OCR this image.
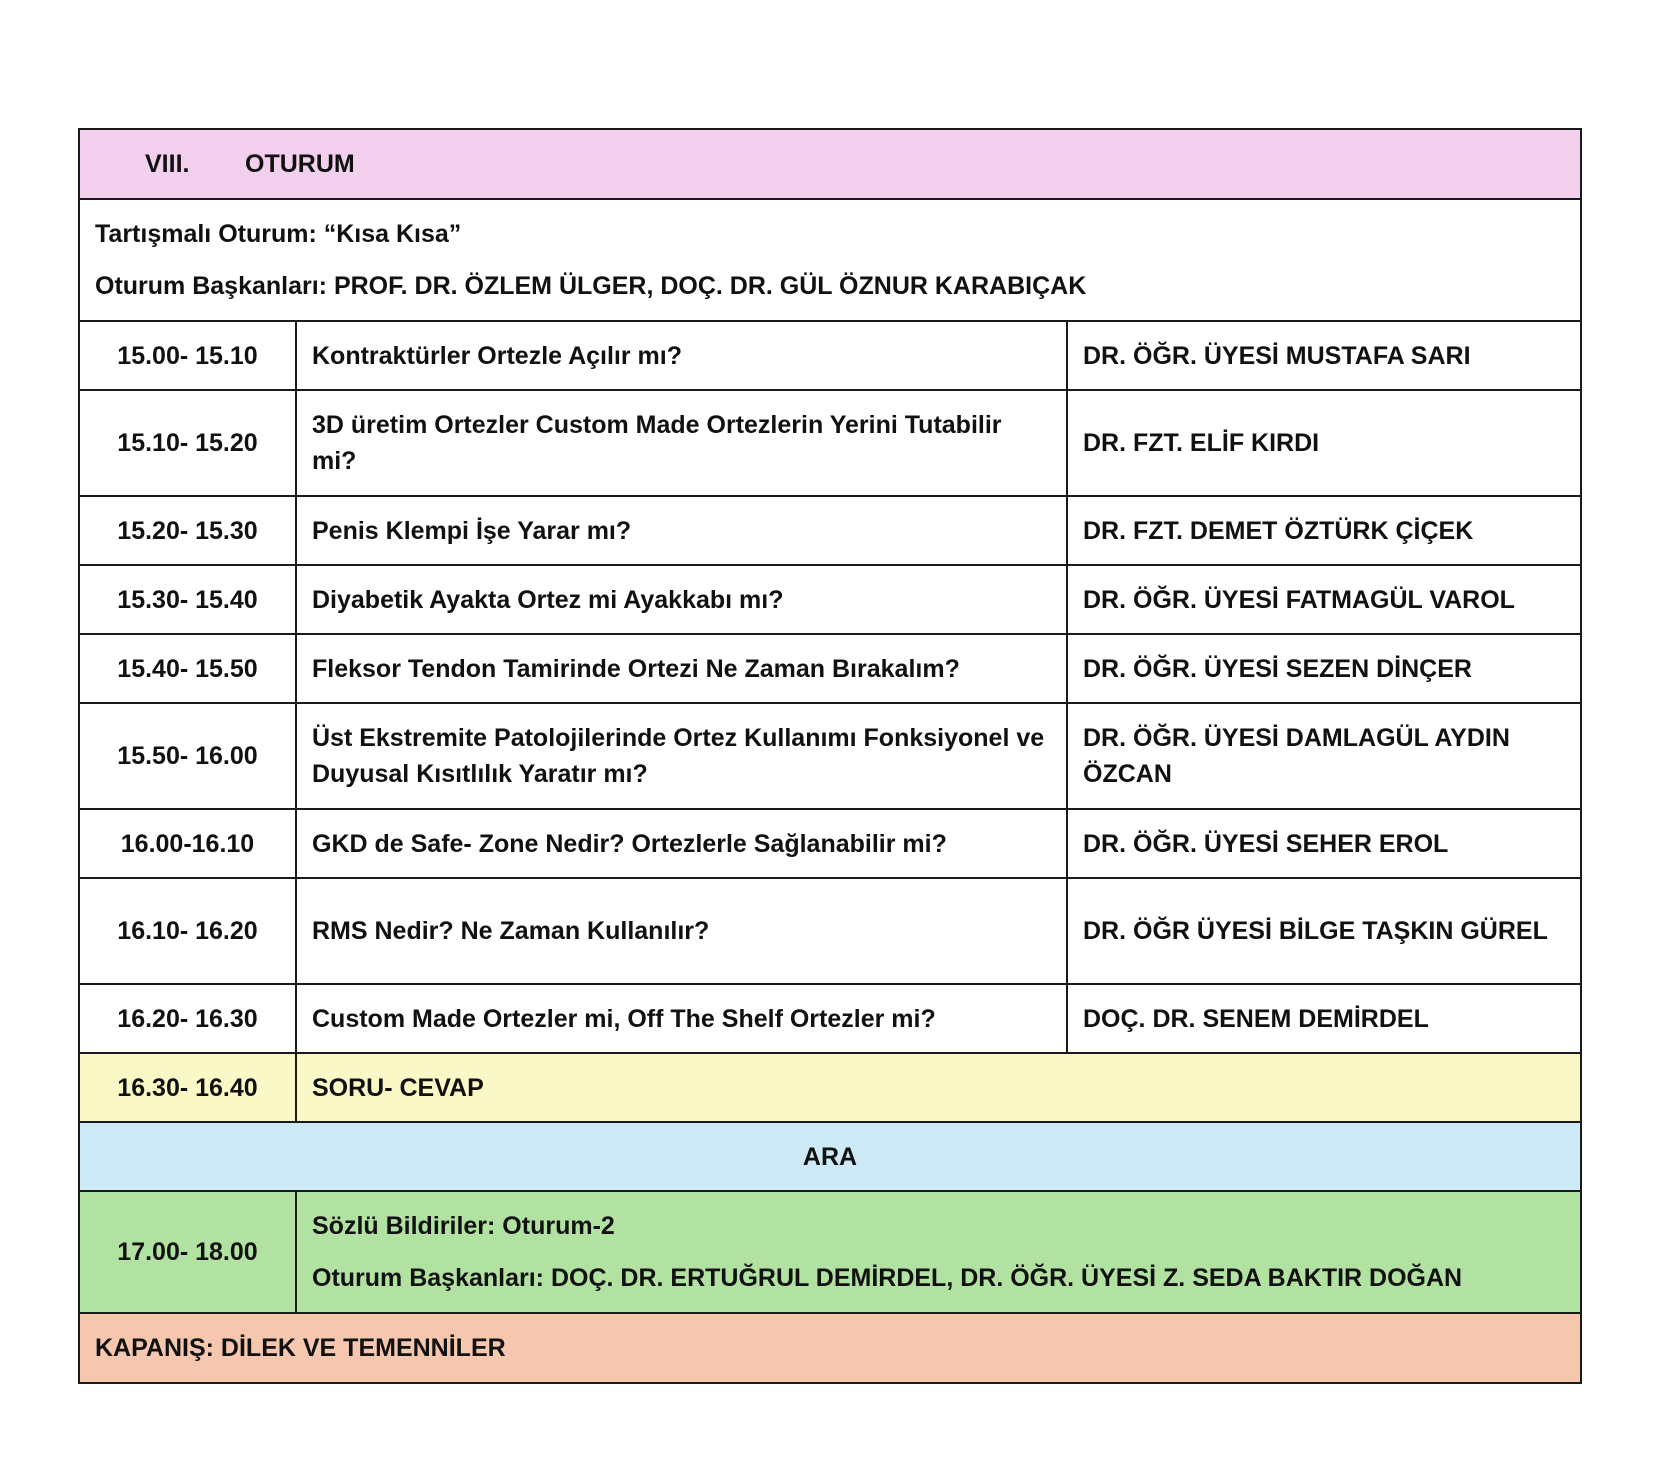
VIII. OTURUM		

Tartışmalı Oturum: “Kısa Kısa”
Oturum Başkanları: PROF. DR. ÖZLEM ÜLGER, DOÇ. DR. GÜL ÖZNUR KARABIÇAK		

15.00- 15.10	Kontraktürler Ortezle Açılır mı?	DR. ÖĞR. ÜYESİ MUSTAFA SARI
15.10- 15.20	3D üretim Ortezler Custom Made Ortezlerin Yerini Tutabilir mi?	DR. FZT. ELİF KIRDI
15.20- 15.30	Penis Klempi İşe Yarar mı?	DR. FZT. DEMET ÖZTÜRK ÇİÇEK
15.30- 15.40	Diyabetik Ayakta Ortez mi Ayakkabı mı?	DR. ÖĞR. ÜYESİ FATMAGÜL VAROL
15.40- 15.50	Fleksor Tendon Tamirinde Ortezi Ne Zaman Bırakalım?	DR. ÖĞR. ÜYESİ SEZEN DİNÇER
15.50- 16.00	Üst Ekstremite Patolojilerinde Ortez Kullanımı Fonksiyonel ve Duyusal Kısıtlılık Yaratır mı?	DR. ÖĞR. ÜYESİ DAMLAGÜL AYDIN ÖZCAN
16.00-16.10	GKD de Safe- Zone Nedir? Ortezlerle Sağlanabilir mi?	DR. ÖĞR. ÜYESİ SEHER EROL
16.10- 16.20	RMS Nedir? Ne Zaman Kullanılır?	DR. ÖĞR ÜYESİ BİLGE TAŞKIN GÜREL
16.20- 16.30	Custom Made Ortezler mi, Off The Shelf Ortezler mi?	DOÇ. DR. SENEM DEMİRDEL
16.30- 16.40	SORU- CEVAP	
ARA		
17.00- 18.00	Sözlü Bildiriler: Oturum-2
Oturum Başkanları: DOÇ. DR. ERTUĞRUL DEMİRDEL, DR. ÖĞR. ÜYESİ Z. SEDA BAKTIR DOĞAN	

KAPANIŞ: DİLEK VE TEMENNİLER		
